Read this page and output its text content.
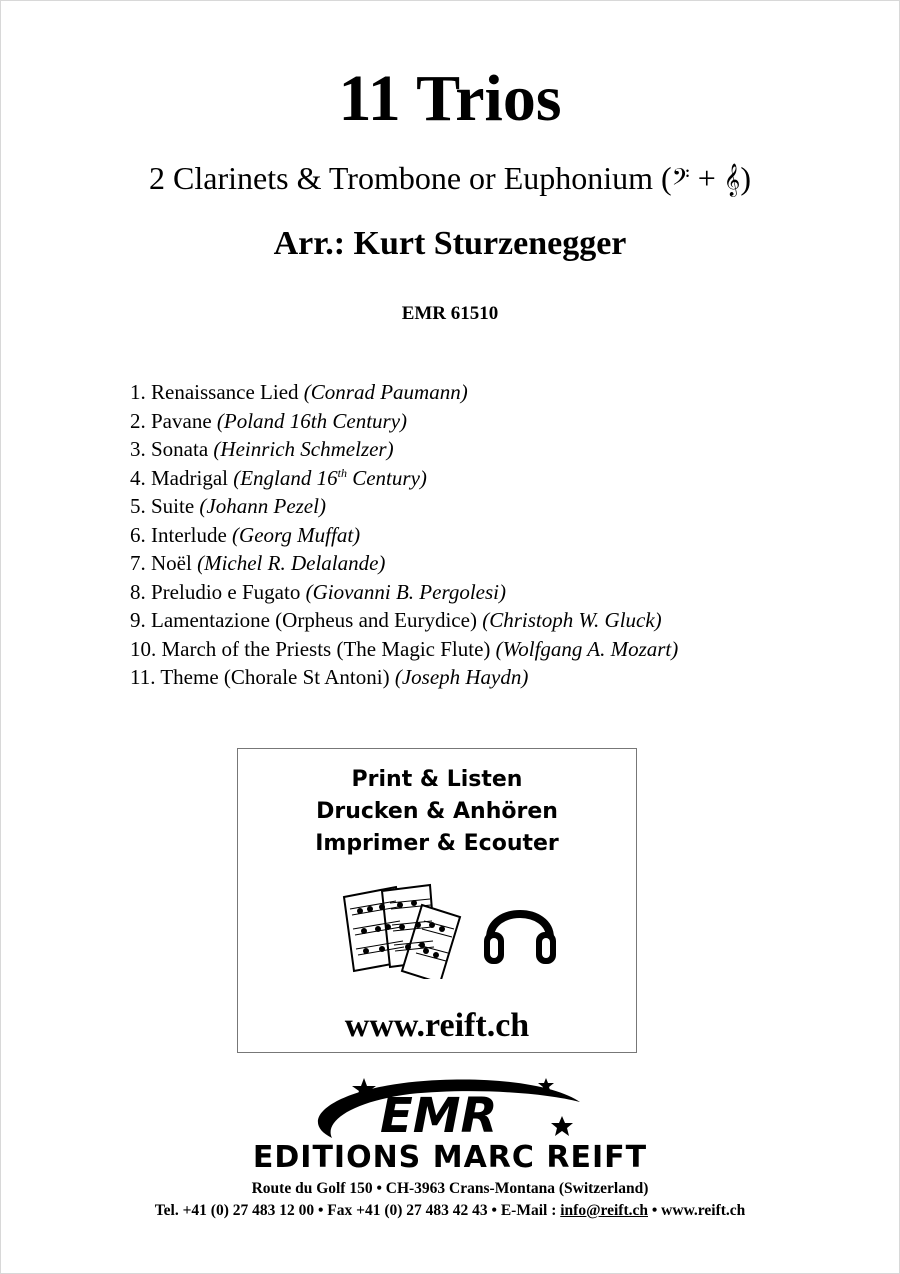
11 Trios
2 Clarinets & Trombone or Euphonium (𝄢 + 𝄞)
Arr.: Kurt Sturzenegger
EMR 61510
1. Renaissance Lied (Conrad Paumann)
2. Pavane (Poland 16th Century)
3. Sonata (Heinrich Schmelzer)
4. Madrigal (England 16th Century)
5. Suite (Johann Pezel)
6. Interlude (Georg Muffat)
7. Noël (Michel R. Delalande)
8. Preludio e Fugato (Giovanni B. Pergolesi)
9. Lamentazione (Orpheus and Eurydice) (Christoph W. Gluck)
10. March of the Priests (The Magic Flute) (Wolfgang A. Mozart)
11. Theme (Chorale St Antoni) (Joseph Haydn)
Print & Listen
Drucken & Anhören
Imprimer & Ecouter
www.reift.ch
EMR
EDITIONS MARC REIFT
Route du Golf 150 • CH-3963 Crans-Montana (Switzerland)
Tel. +41 (0) 27 483 12 00 • Fax +41 (0) 27 483 42 43 • E-Mail : info@reift.ch • www.reift.ch
